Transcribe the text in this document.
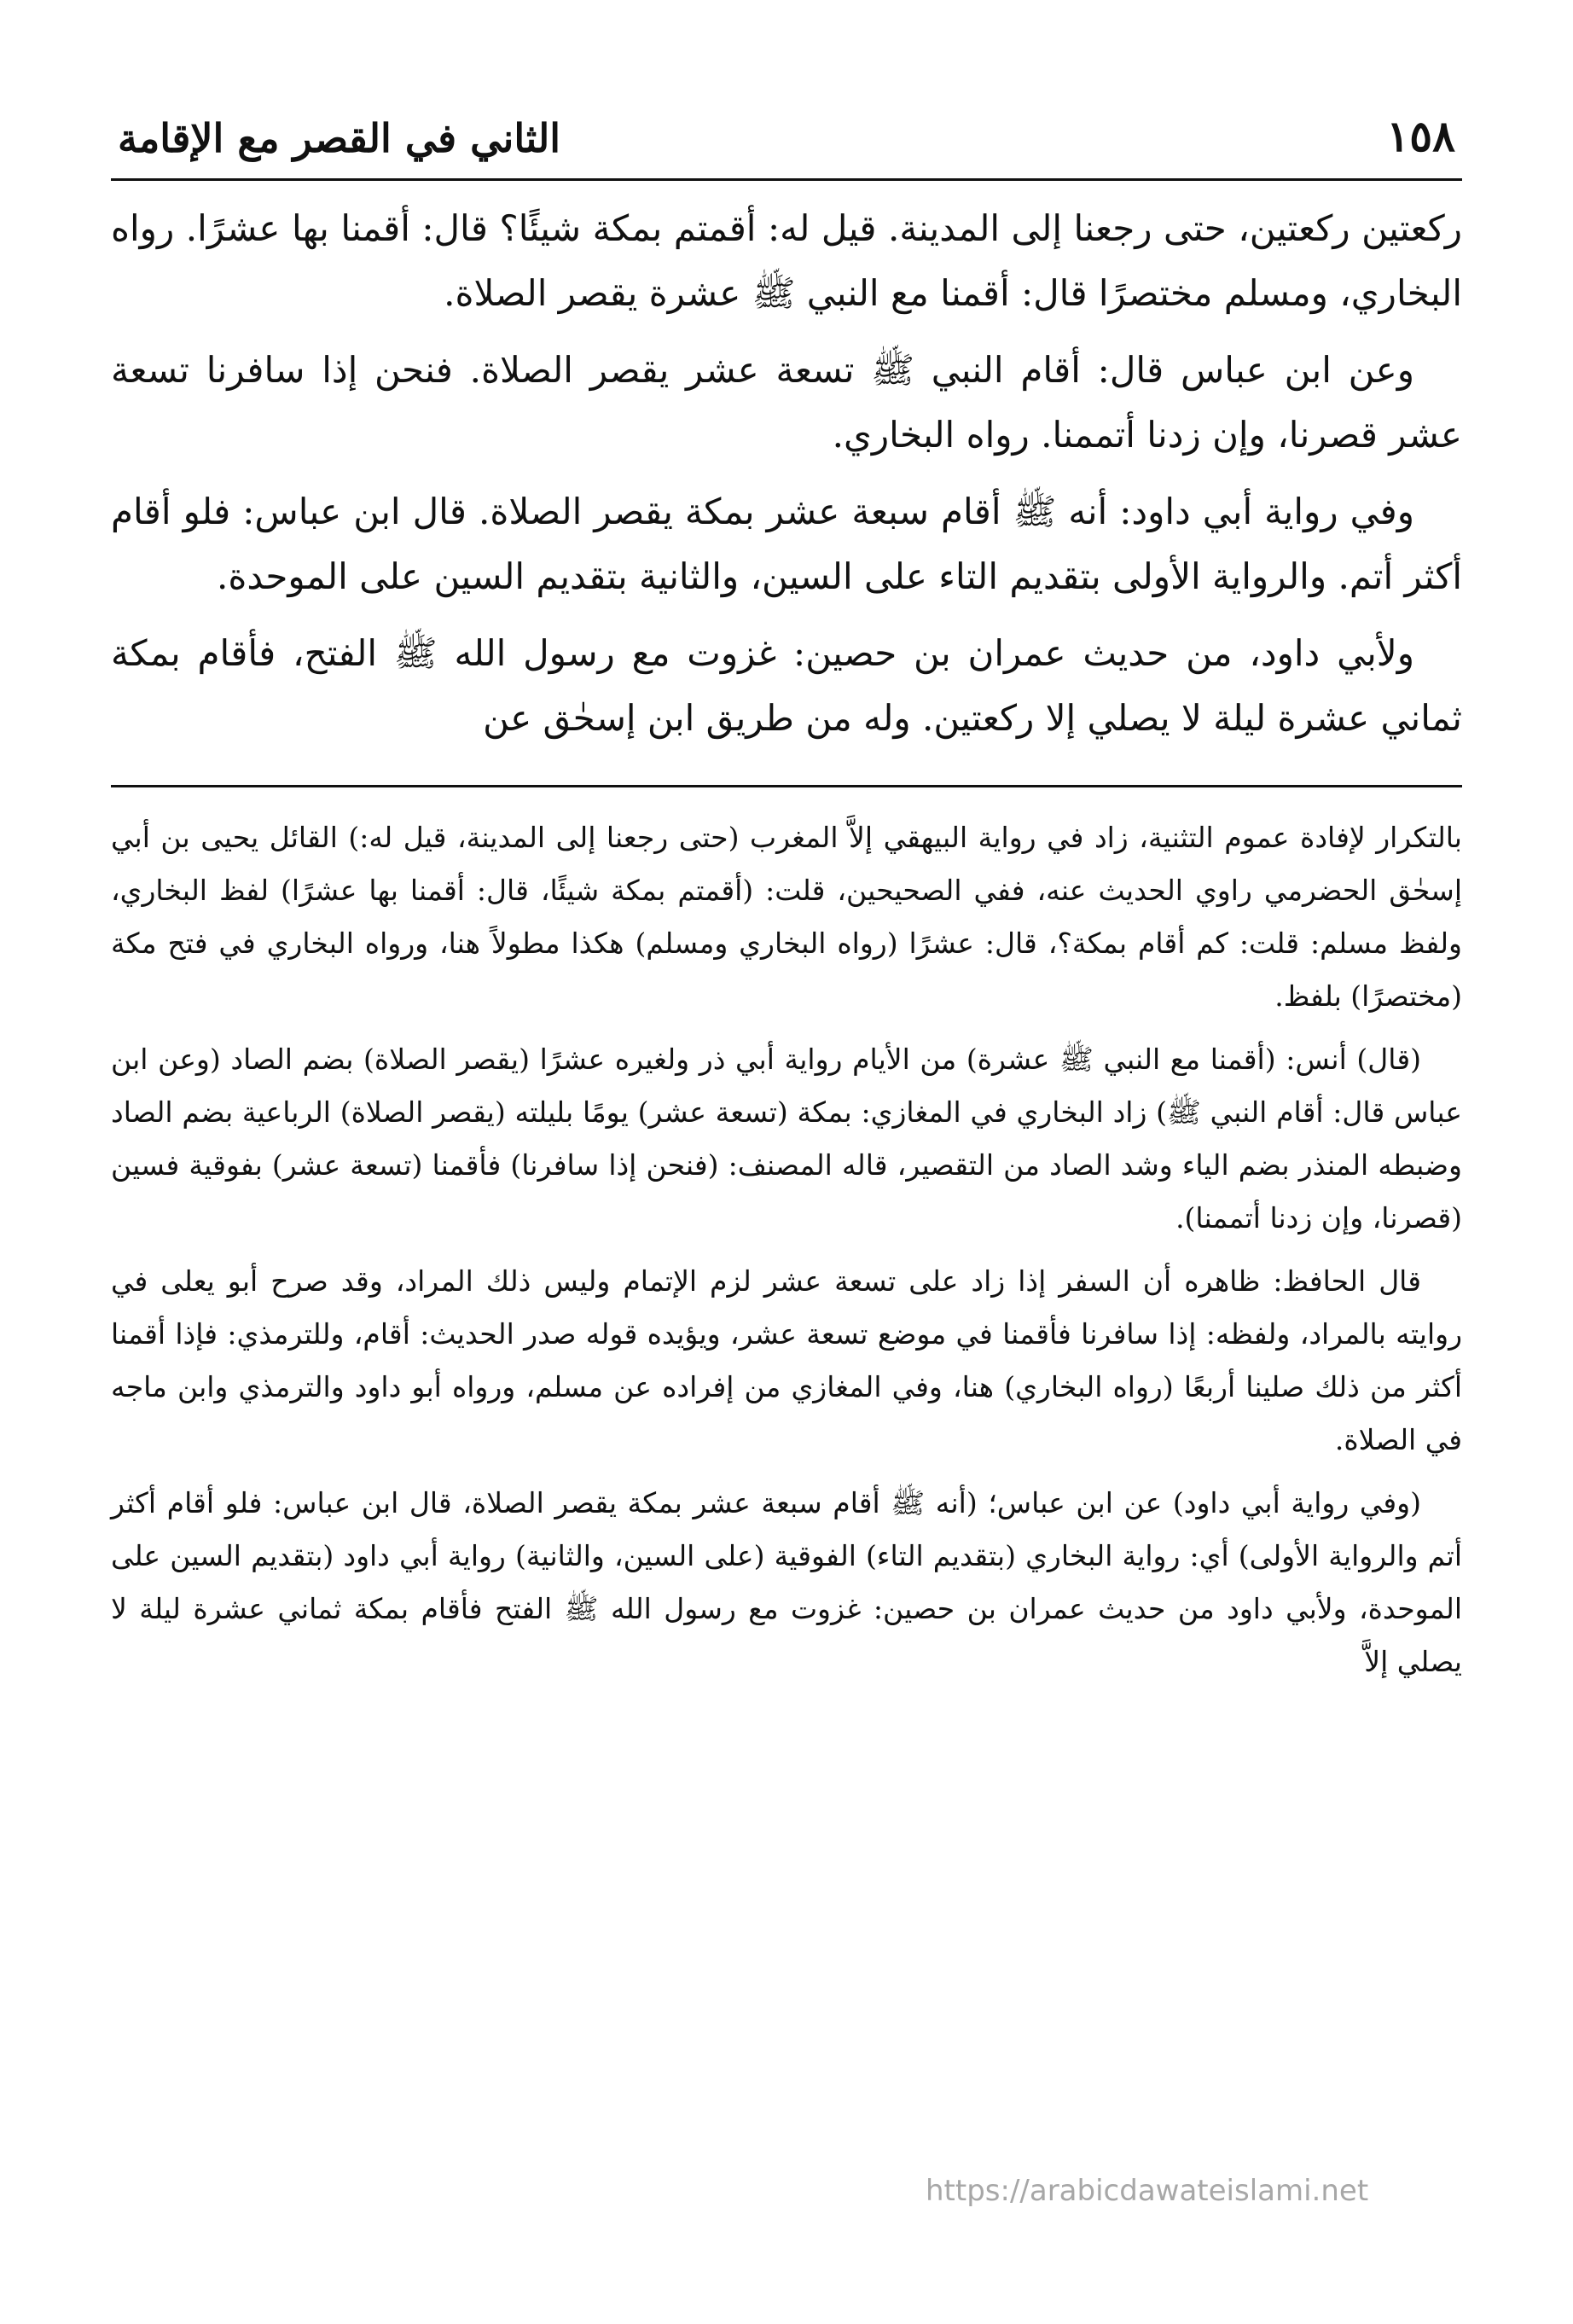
١٥٨
الثاني في القصر مع الإقامة

ركعتين ركعتين، حتى رجعنا إلى المدينة. قيل له: أقمتم بمكة شيئًا؟ قال: أقمنا بها عشرًا. رواه البخاري، ومسلم مختصرًا قال: أقمنا مع النبي ﷺ عشرة يقصر الصلاة.

وعن ابن عباس قال: أقام النبي ﷺ تسعة عشر يقصر الصلاة. فنحن إذا سافرنا تسعة عشر قصرنا، وإن زدنا أتممنا. رواه البخاري.

وفي رواية أبي داود: أنه ﷺ أقام سبعة عشر بمكة يقصر الصلاة. قال ابن عباس: فلو أقام أكثر أتم. والرواية الأولى بتقديم التاء على السين، والثانية بتقديم السين على الموحدة.

ولأبي داود، من حديث عمران بن حصين: غزوت مع رسول الله ﷺ الفتح، فأقام بمكة ثماني عشرة ليلة لا يصلي إلا ركعتين. وله من طريق ابن إسحٰق عن

بالتكرار لإفادة عموم التثنية، زاد في رواية البيهقي إلاَّ المغرب (حتى رجعنا إلى المدينة، قيل له:) القائل يحيى بن أبي إسحٰق الحضرمي راوي الحديث عنه، ففي الصحيحين، قلت: (أقمتم بمكة شيئًا، قال: أقمنا بها عشرًا) لفظ البخاري، ولفظ مسلم: قلت: كم أقام بمكة؟، قال: عشرًا (رواه البخاري ومسلم) هكذا مطولاً هنا، ورواه البخاري في فتح مكة (مختصرًا) بلفظ.

(قال) أنس: (أقمنا مع النبي ﷺ عشرة) من الأيام رواية أبي ذر ولغيره عشرًا (يقصر الصلاة) بضم الصاد (وعن ابن عباس قال: أقام النبي ﷺ) زاد البخاري في المغازي: بمكة (تسعة عشر) يومًا بليلته (يقصر الصلاة) الرباعية بضم الصاد وضبطه المنذر بضم الياء وشد الصاد من التقصير، قاله المصنف: (فنحن إذا سافرنا) فأقمنا (تسعة عشر) بفوقية فسين (قصرنا، وإن زدنا أتممنا).

قال الحافظ: ظاهره أن السفر إذا زاد على تسعة عشر لزم الإتمام وليس ذلك المراد، وقد صرح أبو يعلى في روايته بالمراد، ولفظه: إذا سافرنا فأقمنا في موضع تسعة عشر، ويؤيده قوله صدر الحديث: أقام، وللترمذي: فإذا أقمنا أكثر من ذلك صلينا أربعًا (رواه البخاري) هنا، وفي المغازي من إفراده عن مسلم، ورواه أبو داود والترمذي وابن ماجه في الصلاة.

(وفي رواية أبي داود) عن ابن عباس؛ (أنه ﷺ أقام سبعة عشر بمكة يقصر الصلاة، قال ابن عباس: فلو أقام أكثر أتم والرواية الأولى) أي: رواية البخاري (بتقديم التاء) الفوقية (على السين، والثانية) رواية أبي داود (بتقديم السين على الموحدة، ولأبي داود من حديث عمران بن حصين: غزوت مع رسول الله ﷺ الفتح فأقام بمكة ثماني عشرة ليلة لا يصلي إلاَّ

https://arabicdawateislami.net
